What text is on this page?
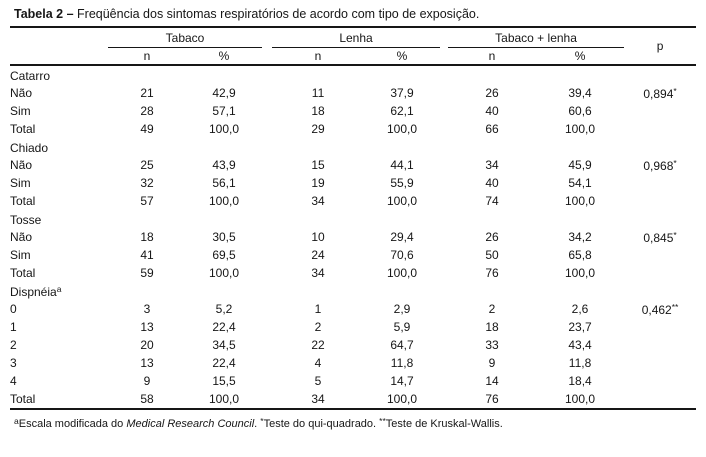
Tabela 2 – Freqüência dos sintomas respiratórios de acordo com tipo de exposição.
	Tabaco			Lenha			Tabaco + lenha		p
	n	%		n	%		n	%	
Catarro									
Não	21	42,9		11	37,9		26	39,4	0,894*
Sim	28	57,1		18	62,1		40	60,6	
Total	49	100,0		29	100,0		66	100,0	
Chiado									
Não	25	43,9		15	44,1		34	45,9	0,968*
Sim	32	56,1		19	55,9		40	54,1	
Total	57	100,0		34	100,0		74	100,0	
Tosse									
Não	18	30,5		10	29,4		26	34,2	0,845*
Sim	41	69,5		24	70,6		50	65,8	
Total	59	100,0		34	100,0		76	100,0	
Dispnéia$^a$
0	3	5,2		1	2,9		2	2,6	0,462**
1	13	22,4		2	5,9		18	23,7	
2	20	34,5		22	64,7		33	43,4	
3	13	22,4		4	11,8		9	11,8	
4	9	15,5		5	14,7		14	18,4	
Total	58	100,0		34	100,0		76	100,0	
$^a$Escala modificada do Medical Research Council. *Teste do qui-quadrado. **Teste de Kruskal-Wallis.
